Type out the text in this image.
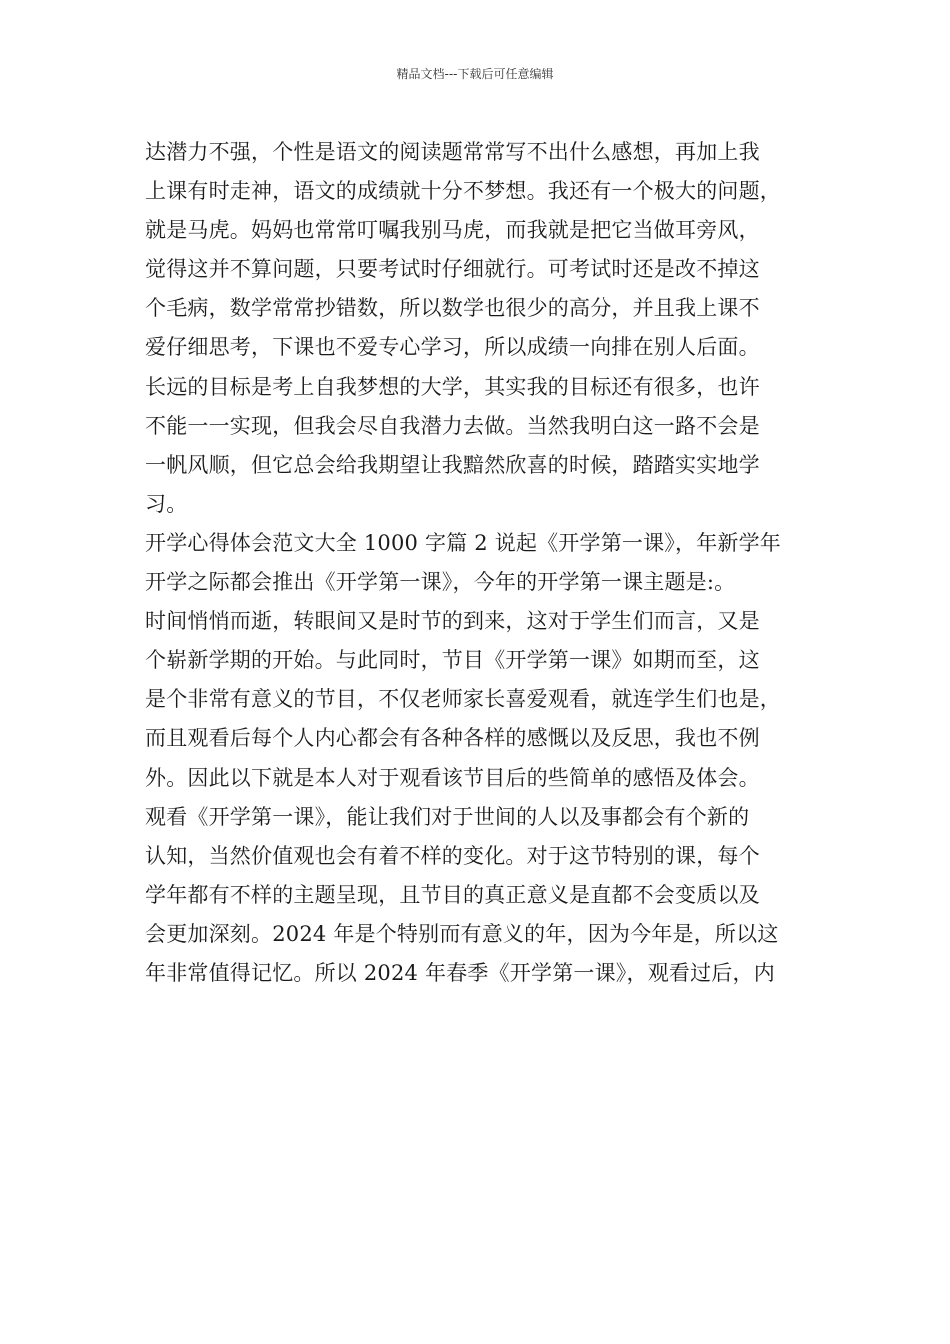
精品文档---下载后可任意编辑
达潜力不强，个性是语文的阅读题常常写不出什么感想，再加上我
上课有时走神，语文的成绩就十分不梦想。我还有一个极大的问题，
就是马虎。妈妈也常常叮嘱我别马虎，而我就是把它当做耳旁风，
觉得这并不算问题，只要考试时仔细就行。可考试时还是改不掉这
个毛病，数学常常抄错数，所以数学也很少的高分，并且我上课不
爱仔细思考，下课也不爱专心学习，所以成绩一向排在别人后面。
长远的目标是考上自我梦想的大学，其实我的目标还有很多，也许
不能一一实现，但我会尽自我潜力去做。当然我明白这一路不会是
一帆风顺，但它总会给我期望让我黯然欣喜的时候，踏踏实实地学
习。
开学心得体会范文大全 1000 字篇 2 说起《开学第一课》，年新学年
开学之际都会推出《开学第一课》，今年的开学第一课主题是:。
时间悄悄而逝，转眼间又是时节的到来，这对于学生们而言，又是
个崭新学期的开始。与此同时，节目《开学第一课》如期而至，这
是个非常有意义的节目，不仅老师家长喜爱观看，就连学生们也是，
而且观看后每个人内心都会有各种各样的感慨以及反思，我也不例
外。因此以下就是本人对于观看该节目后的些简单的感悟及体会。
观看《开学第一课》，能让我们对于世间的人以及事都会有个新的
认知，当然价值观也会有着不样的变化。对于这节特别的课，每个
学年都有不样的主题呈现，且节目的真正意义是直都不会变质以及
会更加深刻。2024 年是个特别而有意义的年，因为今年是，所以这
年非常值得记忆。所以 2024 年春季《开学第一课》，观看过后，内
